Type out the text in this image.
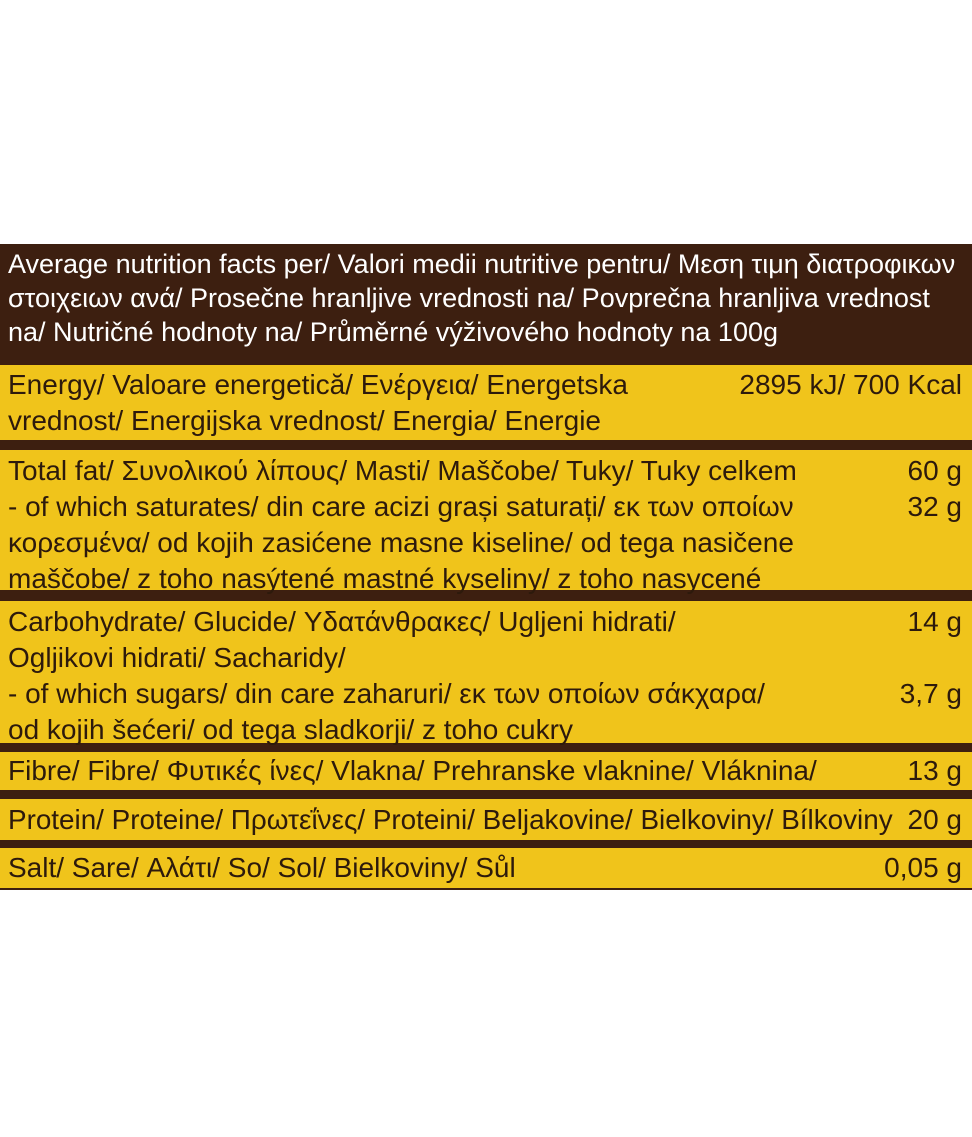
Average nutrition facts per/ Valori medii nutritive pentru/ Μεση τιμη διατροφικων στοιχειων ανά/ Prosečne hranljive vrednosti na/ Povprečna hranljiva vrednost na/ Nutričné hodnoty na/ Průměrné výživového hodnoty na 100g
Energy/ Valoare energetică/ Ενέργεια/ Energetska	2895 kJ/ 700 Kcal
vrednost/ Energijska vrednost/ Energia/ Energie
Total fat/ Συνολικού λίπους/ Masti/ Maščobe/ Tuky/ Tuky celkem	60 g
- of which saturates/ din care acizi grași saturați/ εκ των οποίων	32 g
κορεσμένα/ od kojih zasićene masne kiseline/ od tega nasičene
maščobe/ z toho nasýtené mastné kyseliny/ z toho nasycené
Carbohydrate/ Glucide/ Υδατάνθρακες/ Ugljeni hidrati/	14 g
Ogljikovi hidrati/ Sacharidy/
- of which sugars/ din care zaharuri/ εκ των οποίων σάκχαρα/	3,7 g
od kojih šećeri/ od tega sladkorji/ z toho cukry
Fibre/ Fibre/ Φυτικές ίνες/ Vlakna/ Prehranske vlaknine/ Vláknina/	13 g
Protein/ Proteine/ Πρωτεΐνες/ Proteini/ Beljakovine/ Bielkoviny/ Bílkoviny 20 g
Salt/ Sare/ Αλάτι/ So/ Sol/ Bielkoviny/ Sůl	0,05 g
